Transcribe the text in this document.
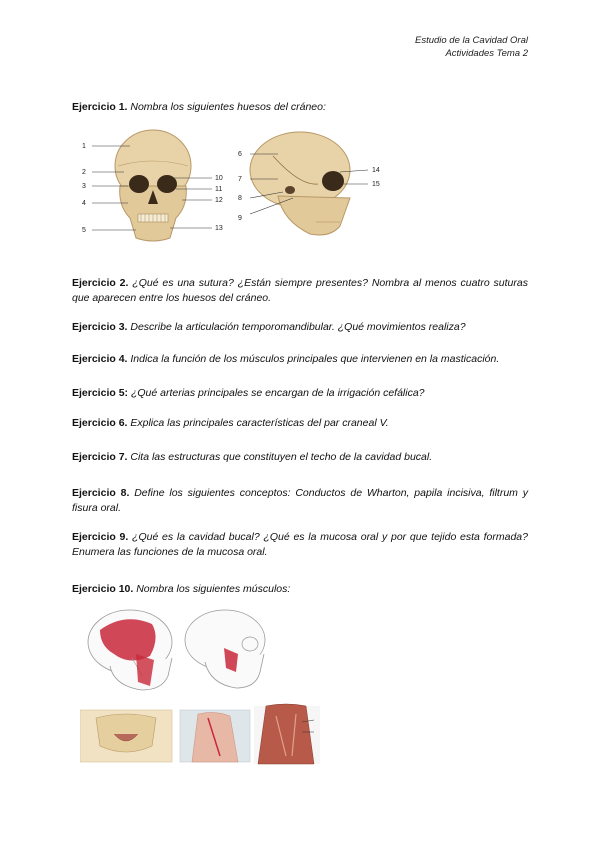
Estudio de la Cavidad Oral
Actividades Tema 2
Ejercicio 1. Nombra los siguientes huesos del cráneo:
1
2
3
4
5
10
11
12
13
6
7
8
9
14
15
Ejercicio 2. ¿Qué es una sutura? ¿Están siempre presentes? Nombra al menos cuatro suturas que aparecen entre los huesos del cráneo.
Ejercicio 3. Describe la articulación temporomandibular. ¿Qué movimientos realiza?
Ejercicio 4. Indica la función de los músculos principales que intervienen en la masticación.
Ejercicio 5: ¿Qué arterias principales se encargan de la irrigación cefálica?
Ejercicio 6. Explica las principales características del par craneal V.
Ejercicio 7. Cita las estructuras que constituyen el techo de la cavidad bucal.
Ejercicio 8. Define los siguientes conceptos: Conductos de Wharton, papila incisiva, filtrum y fisura oral.
Ejercicio 9. ¿Qué es la cavidad bucal? ¿Qué es la mucosa oral y por que tejido esta formada? Enumera las funciones de la mucosa oral.
Ejercicio 10. Nombra los siguientes músculos:
